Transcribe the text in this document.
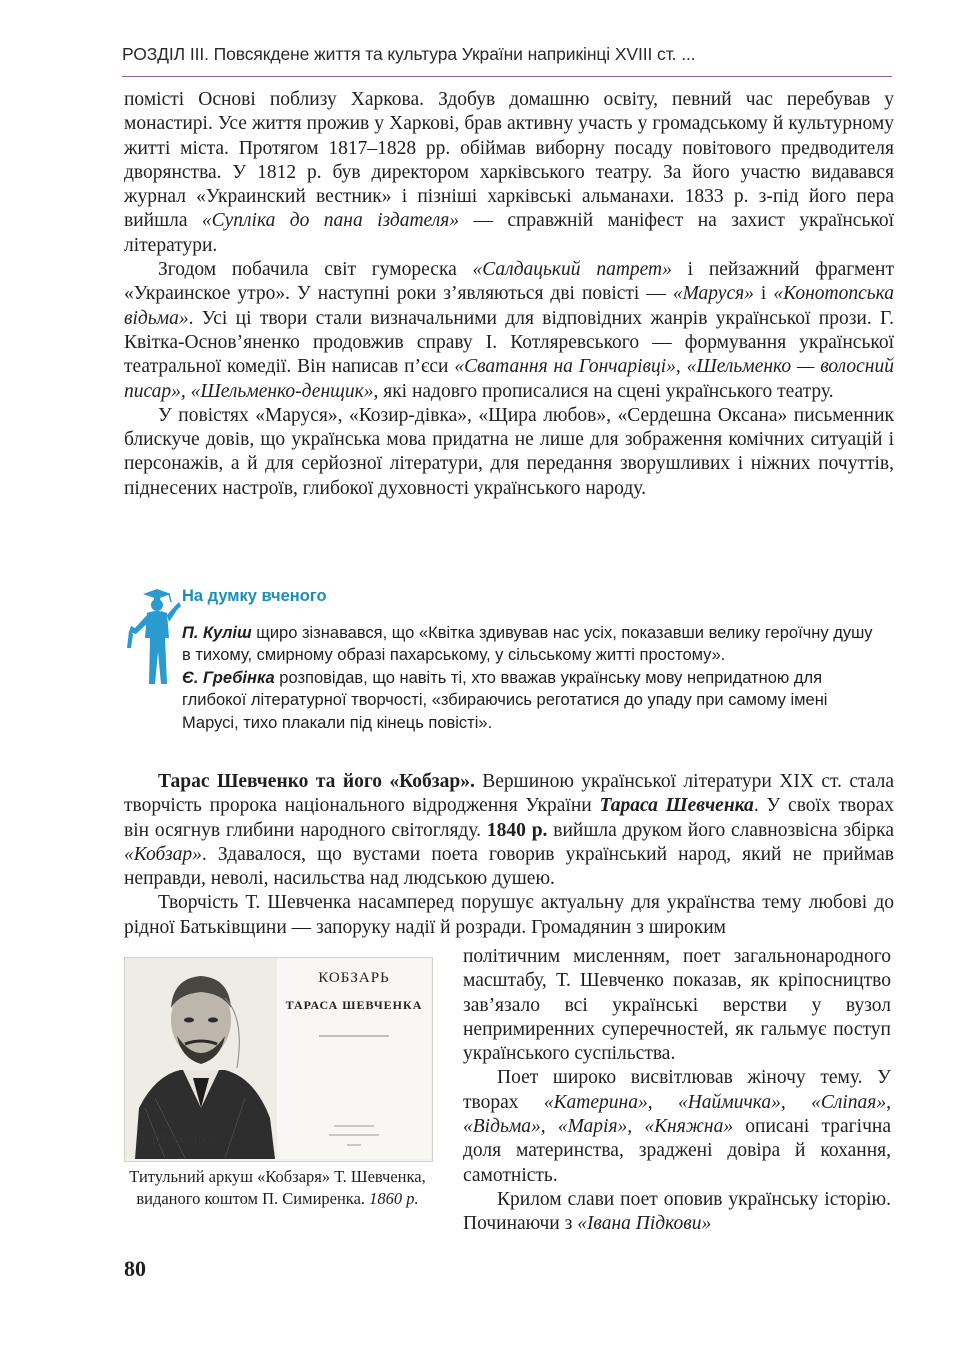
РОЗДІЛ ІІІ. Повсякдене життя та культура України наприкінці XVIII ст. ...

помісті Основі поблизу Харкова. Здобув домашню освіту, певний час перебував у монастирі. Усе життя прожив у Харкові, брав активну участь у громадському й культурному житті міста. Протягом 1817–1828 рр. обіймав виборну посаду повітового предводителя дворянства. У 1812 р. був директором харківського театру. За його участю видавався журнал «Украинский вестник» і пізніші харківські альманахи. 1833 р. з-під його пера вийшла «Супліка до пана іздателя» — справжній маніфест на захист української літератури.

Згодом побачила світ гумореска «Салдацький патрет» і пейзажний фрагмент «Украинское утро». У наступні роки з’являються дві повісті — «Маруся» і «Конотопська відьма». Усі ці твори стали визначальними для відповідних жанрів української прози. Г. Квітка-Основ’яненко продовжив справу І. Котляревського — формування української театральної комедії. Він написав п’єси «Сватання на Гончарівці», «Шельменко — волосний писар», «Шельменко-денщик», які надовго прописалися на сцені українського театру.

У повістях «Маруся», «Козир-дівка», «Щира любов», «Сердешна Оксана» письменник блискуче довів, що українська мова придатна не лише для зображення комічних ситуацій і персонажів, а й для серйозної літератури, для передання зворушливих і ніжних почуттів, піднесених настроїв, глибокої духовності українського народу.

На думку вченого

П. Куліш щиро зізнавався, що «Квітка здивував нас усіх, показавши велику героїчну душу в тихому, смирному образі пахарському, у сільському житті простому».

Є. Гребінка розповідав, що навіть ті, хто вважав українську мову непридатною для глибокої літературної творчості, «збираючись реготатися до упаду при самому імені Марусі, тихо плакали під кінець повісті».

Тарас Шевченко та його «Кобзар». Вершиною української літератури XIX ст. стала творчість пророка національного відродження України Тараса Шевченка. У своїх творах він осягнув глибини народного світогляду. 1840 р. вийшла друком його славнозвісна збірка «Кобзар». Здавалося, що вустами поета говорив український народ, який не приймав неправди, неволі, насильства над людською душею.

Творчість Т. Шевченка насамперед порушує актуальну для українства тему любові до рідної Батьківщини — запоруку надії й розради. Громадянин з широким

Т Шевченко
КОБЗАРЬ
ТАРАСА ШЕВЧЕНКА
Титульний аркуш «Кобзаря» Т. Шевченка, виданого коштом П. Симиренка. 1860 р.

політичним мисленням, поет загальнонародного масштабу, Т. Шевченко показав, як кріпосництво зав’язало всі українські верстви у вузол непримиренних суперечностей, як гальмує поступ українського суспільства.

Поет широко висвітлював жіночу тему. У творах «Катерина», «Наймичка», «Сліпая», «Відьма», «Марія», «Княжна» описані трагічна доля материнства, зраджені довіра й кохання, самотність.

Крилом слави поет оповив українську історію. Починаючи з «Івана Підкови»

80
